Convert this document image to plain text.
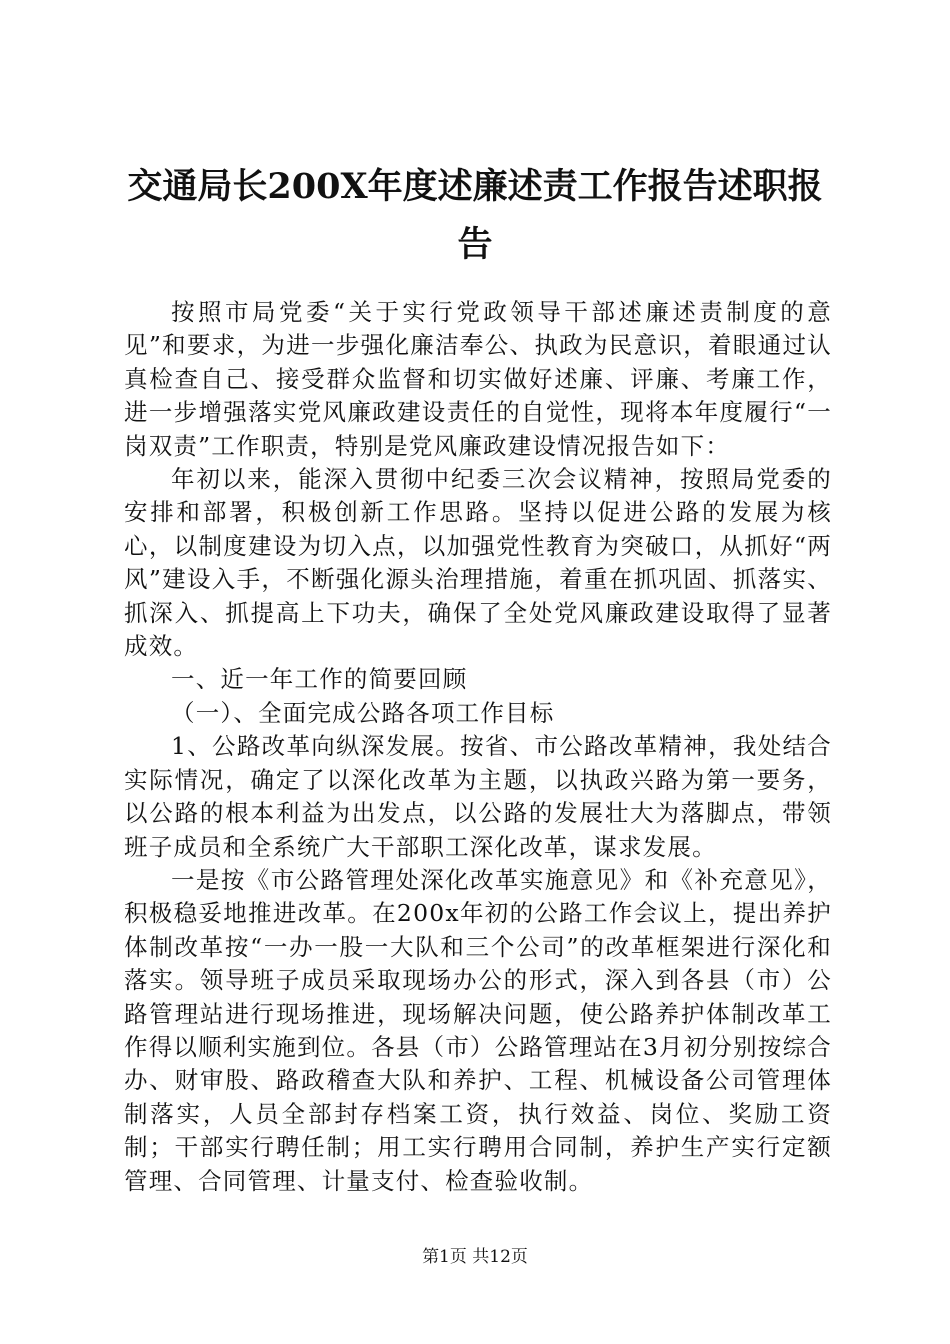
交通局长200X年度述廉述责工作报告述职报告

按照市局党委“关于实行党政领导干部述廉述责制度的意见”和要求，为进一步强化廉洁奉公、执政为民意识，着眼通过认真检查自己、接受群众监督和切实做好述廉、评廉、考廉工作，进一步增强落实党风廉政建设责任的自觉性，现将本年度履行“一岗双责”工作职责，特别是党风廉政建设情况报告如下：

年初以来，能深入贯彻中纪委三次会议精神，按照局党委的安排和部署，积极创新工作思路。坚持以促进公路的发展为核心，以制度建设为切入点，以加强党性教育为突破口，从抓好“两风”建设入手，不断强化源头治理措施，着重在抓巩固、抓落实、抓深入、抓提高上下功夫，确保了全处党风廉政建设取得了显著成效。

一、近一年工作的简要回顾

（一）、全面完成公路各项工作目标

1、公路改革向纵深发展。按省、市公路改革精神，我处结合实际情况，确定了以深化改革为主题，以执政兴路为第一要务，以公路的根本利益为出发点，以公路的发展壮大为落脚点，带领班子成员和全系统广大干部职工深化改革，谋求发展。

一是按《市公路管理处深化改革实施意见》和《补充意见》，积极稳妥地推进改革。在200x年初的公路工作会议上，提出养护体制改革按“一办一股一大队和三个公司”的改革框架进行深化和落实。领导班子成员采取现场办公的形式，深入到各县（市）公路管理站进行现场推进，现场解决问题，使公路养护体制改革工作得以顺利实施到位。各县（市）公路管理站在3月初分别按综合办、财审股、路政稽查大队和养护、工程、机械设备公司管理体制落实，人员全部封存档案工资，执行效益、岗位、奖励工资制；干部实行聘任制；用工实行聘用合同制，养护生产实行定额管理、合同管理、计量支付、检查验收制。

第1页 共12页
